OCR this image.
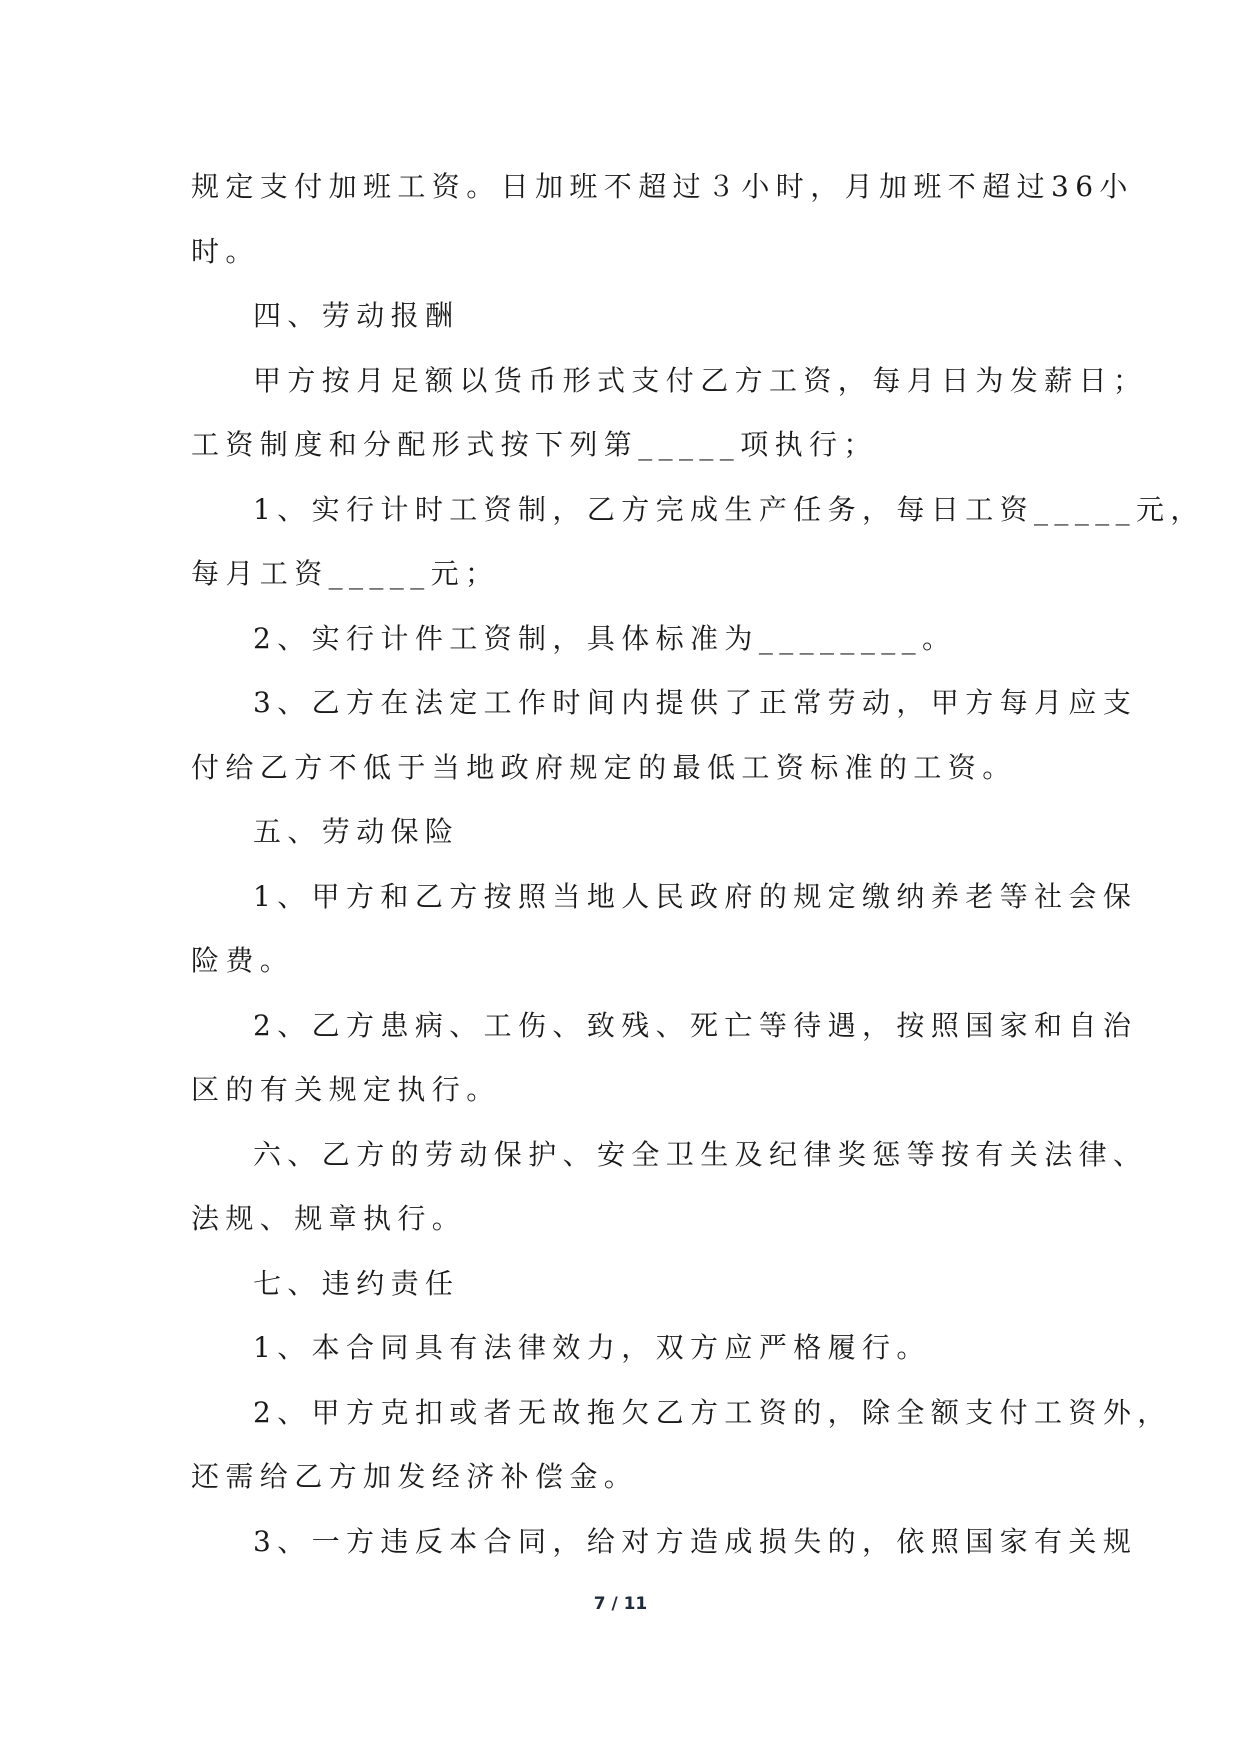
规定支付加班工资。日加班不超过３小时，月加班不超过36小
时。
四、劳动报酬
甲方按月足额以货币形式支付乙方工资，每月日为发薪日；
工资制度和分配形式按下列第_____项执行；
1、实行计时工资制，乙方完成生产任务，每日工资_____元，
每月工资_____元；
2、实行计件工资制，具体标准为________。
3、乙方在法定工作时间内提供了正常劳动，甲方每月应支
付给乙方不低于当地政府规定的最低工资标准的工资。
五、劳动保险
1、甲方和乙方按照当地人民政府的规定缴纳养老等社会保
险费。
2、乙方患病、工伤、致残、死亡等待遇，按照国家和自治
区的有关规定执行。
六、乙方的劳动保护、安全卫生及纪律奖惩等按有关法律、
法规、规章执行。
七、违约责任
1、本合同具有法律效力，双方应严格履行。
2、甲方克扣或者无故拖欠乙方工资的，除全额支付工资外，
还需给乙方加发经济补偿金。
3、一方违反本合同，给对方造成损失的，依照国家有关规
7 / 11
